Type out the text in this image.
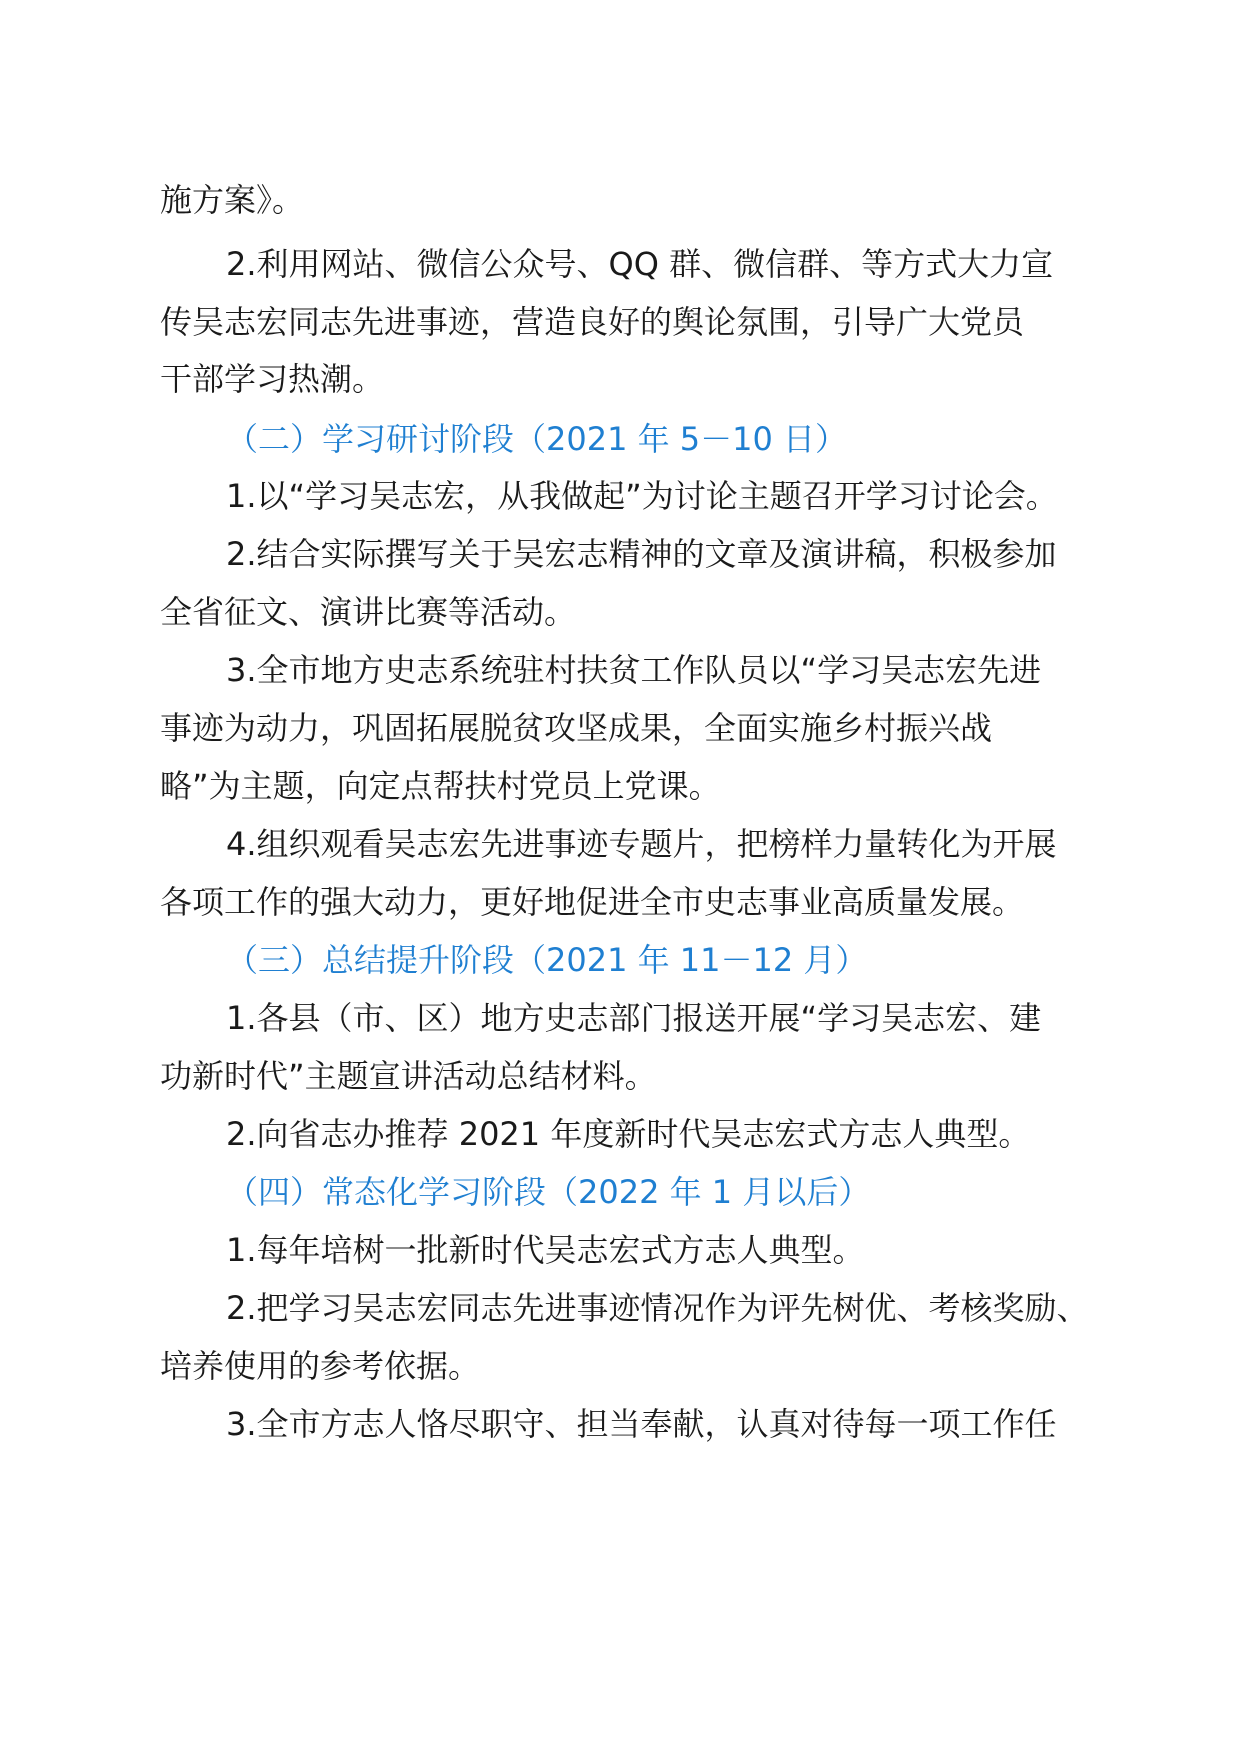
施方案》。
2.利用网站、微信公众号、QQ 群、微信群、等方式大力宣
传吴志宏同志先进事迹，营造良好的舆论氛围，引导广大党员
干部学习热潮。
（二）学习研讨阶段（2021 年 5－10 日）
1.以“学习吴志宏，从我做起”为讨论主题召开学习讨论会。
2.结合实际撰写关于吴宏志精神的文章及演讲稿，积极参加
全省征文、演讲比赛等活动。
3.全市地方史志系统驻村扶贫工作队员以“学习吴志宏先进
事迹为动力，巩固拓展脱贫攻坚成果，全面实施乡村振兴战
略”为主题，向定点帮扶村党员上党课。
4.组织观看吴志宏先进事迹专题片，把榜样力量转化为开展
各项工作的强大动力，更好地促进全市史志事业高质量发展。
（三）总结提升阶段（2021 年 11－12 月）
1.各县（市、区）地方史志部门报送开展“学习吴志宏、建
功新时代”主题宣讲活动总结材料。
2.向省志办推荐 2021 年度新时代吴志宏式方志人典型。
（四）常态化学习阶段（2022 年 1 月以后）
1.每年培树一批新时代吴志宏式方志人典型。
2.把学习吴志宏同志先进事迹情况作为评先树优、考核奖励、
培养使用的参考依据。
3.全市方志人恪尽职守、担当奉献，认真对待每一项工作任
